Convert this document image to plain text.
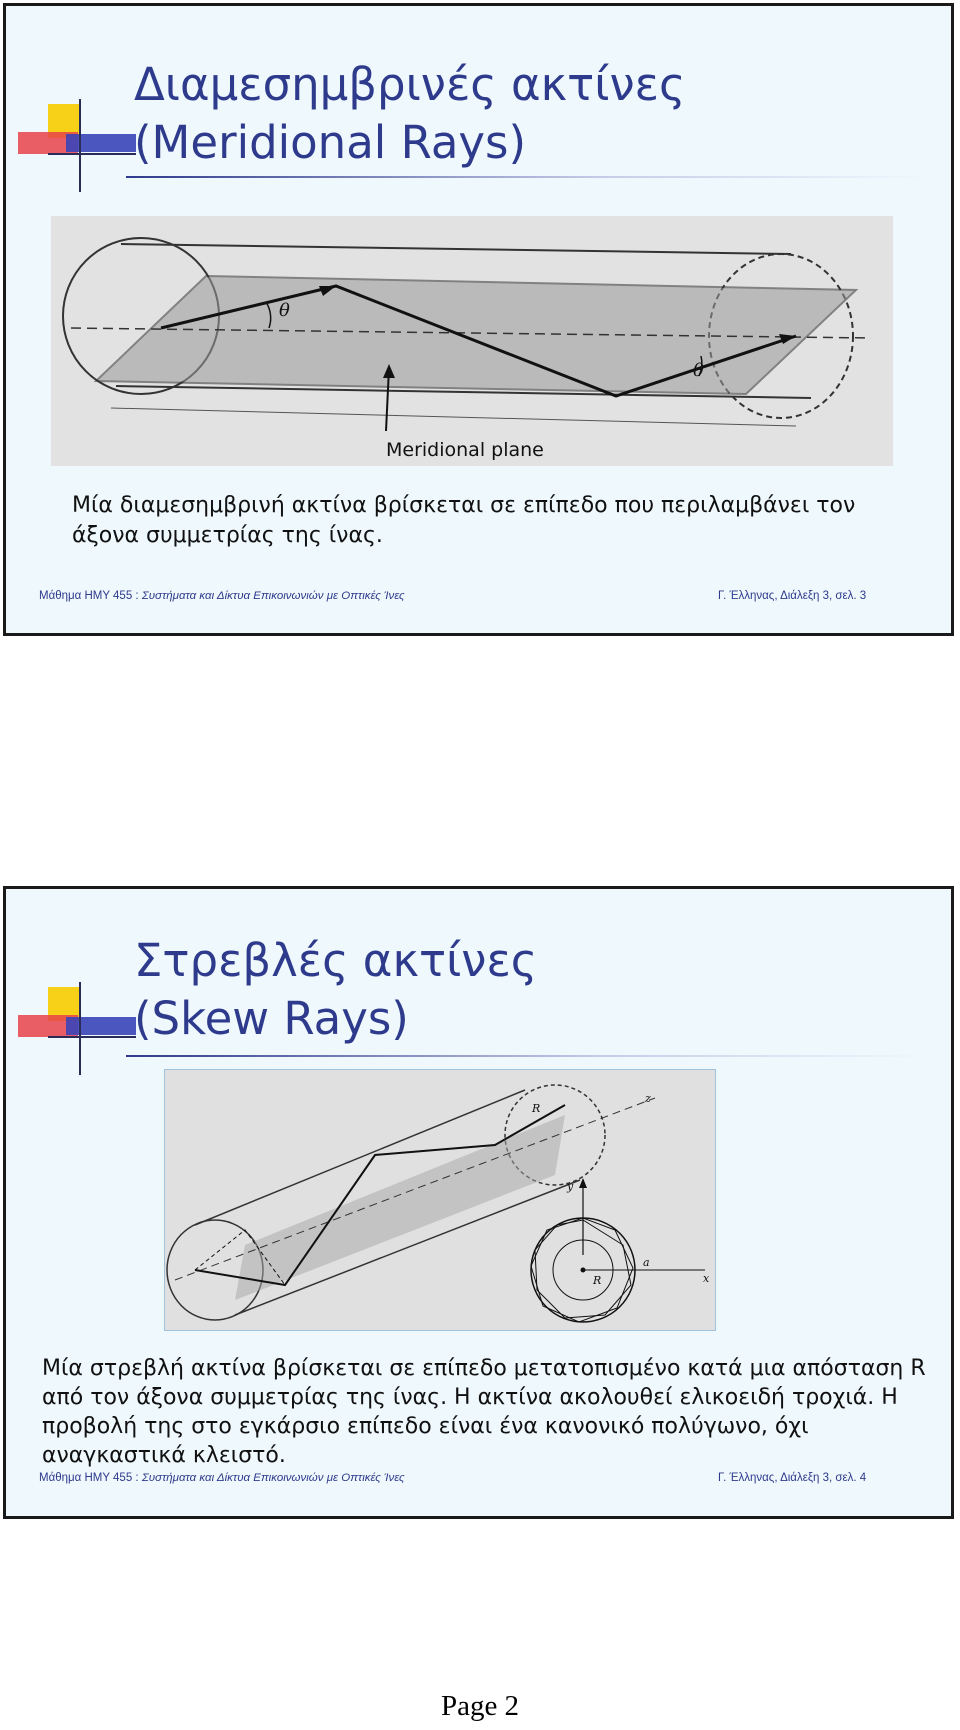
Διαμεσημβρινές ακτίνες
(Meridional Rays)
θ
θ
Meridional plane

Μία διαμεσημβρινή ακτίνα βρίσκεται σε επίπεδο που περιλαμβάνει τον άξονα συμμετρίας της ίνας.

Μάθημα ΗΜΥ 455 : Συστήματα και Δίκτυα Επικοινωνιών με Οπτικές Ίνες	Γ. Έλληνας, Διάλεξη 3, σελ. 3
Στρεβλές ακτίνες
(Skew Rays)
R
z
y
R
a
x

Μία στρεβλή ακτίνα βρίσκεται σε επίπεδο μετατοπισμένο κατά μια απόσταση R από τον άξονα συμμετρίας της ίνας. Η ακτίνα ακολουθεί ελικοειδή τροχιά. Η προβολή της στο εγκάρσιο επίπεδο είναι ένα κανονικό πολύγωνο, όχι αναγκαστικά κλειστό.

Μάθημα ΗΜΥ 455 : Συστήματα και Δίκτυα Επικοινωνιών με Οπτικές Ίνες	Γ. Έλληνας, Διάλεξη 3, σελ. 4
Page 2
